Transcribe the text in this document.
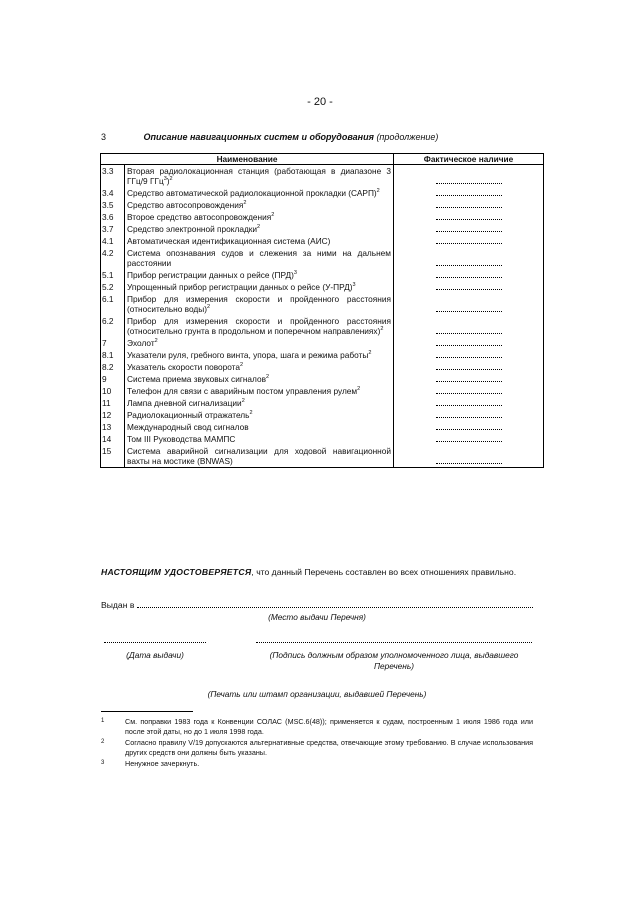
- 20 -
3	Описание навигационных систем и оборудования (продолжение)
Наименование		Фактическое наличие
3.3	Вторая радиолокационная станция (работающая в диапазоне 3 ГГц/9 ГГц$^3$)$^2$	
3.4	Средство автоматической радиолокационной прокладки (САРП)$^2$	
3.5	Средство автосопровождения$^2$	
3.6	Второе средство автосопровождения$^2$	
3.7	Средство электронной прокладки$^2$	
4.1	Автоматическая идентификационная система (АИС)	
4.2	Система опознавания судов и слежения за ними на дальнем расстоянии	
5.1	Прибор регистрации данных о рейсе (ПРД)$^3$	
5.2	Упрощенный прибор регистрации данных о рейсе $(У-ПРД)^3$	
6.1	Прибор для измерения скорости и пройденного расстояния (относительно воды)$^2$	
6.2	Прибор для измерения скорости и пройденного расстояния (относительно грунта в продольном и поперечном направлениях)$^2$	
7	Эхолот$^2$	
8.1	Указатели руля, гребного винта, упора, шага и режима работы$^2$	
8.2	Указатель скорости поворота$^2$	
9	Система приема звуковых сигналов$^2$	
10	Телефон для связи с аварийным постом управления рулем$^2$	
11	Лампа дневной сигнализации$^2$	
12	Радиолокационный отражатель$^2$	
13	Международный свод сигналов	
14	Том III Руководства МАМПС	
15	Система аварийной сигнализации для ходовой навигационной вахты на мостике (BNWAS)	
НАСТОЯЩИМ УДОСТОВЕРЯЕТСЯ, что данный Перечень составлен во всех отношениях правильно.
Выдан в
(Место выдачи Перечня)
(Дата выдачи)	(Подпись должным образом уполномоченного лица, выдавшего Перечень)
(Печать или штамп организации, выдавшей Перечень)
1	См. поправки 1983 года к Конвенции СОЛАС (MSC.6(48)); применяется к судам, построенным 1 июля 1986 года или после этой даты, но до 1 июля 1998 года.
2	Согласно правилу V/19 допускаются альтернативные средства, отвечающие этому требованию. В случае использования других средств они должны быть указаны.
3	Ненужное зачеркнуть.
